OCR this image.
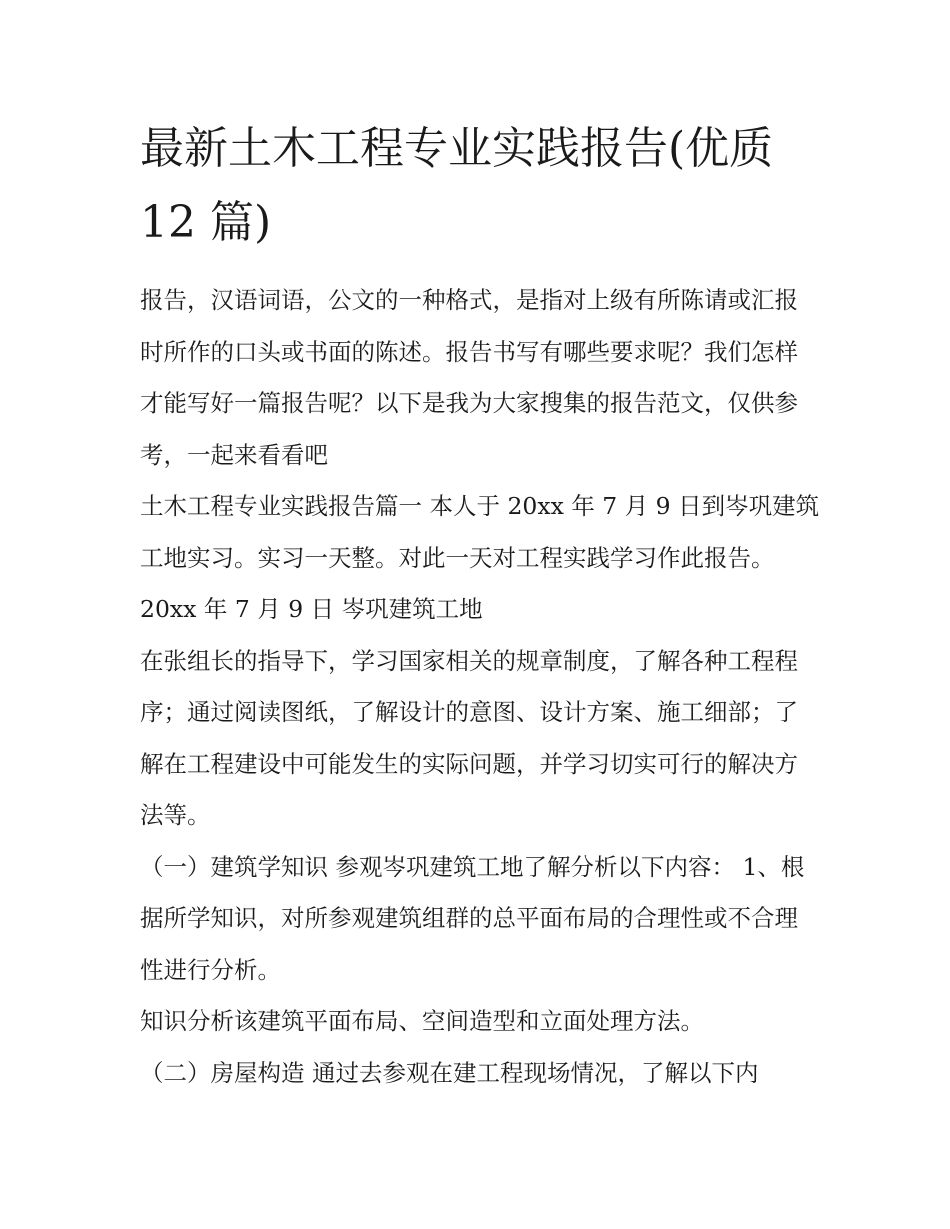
最新土木工程专业实践报告(优质 12 篇)

报告，汉语词语，公文的一种格式，是指对上级有所陈请或汇报时所作的口头或书面的陈述。报告书写有哪些要求呢？我们怎样才能写好一篇报告呢？以下是我为大家搜集的报告范文，仅供参考，一起来看看吧

土木工程专业实践报告篇一 本人于 20xx 年 7 月 9 日到岑巩建筑工地实习。实习一天整。对此一天对工程实践学习作此报告。 20xx 年 7 月 9 日 岑巩建筑工地

在张组长的指导下，学习国家相关的规章制度，了解各种工程程序；通过阅读图纸，了解设计的意图、设计方案、施工细部；了解在工程建设中可能发生的实际问题，并学习切实可行的解决方法等。

（一）建筑学知识 参观岑巩建筑工地了解分析以下内容： 1、根据所学知识，对所参观建筑组群的总平面布局的合理性或不合理性进行分析。

知识分析该建筑平面布局、空间造型和立面处理方法。

（二）房屋构造 通过去参观在建工程现场情况，了解以下内
